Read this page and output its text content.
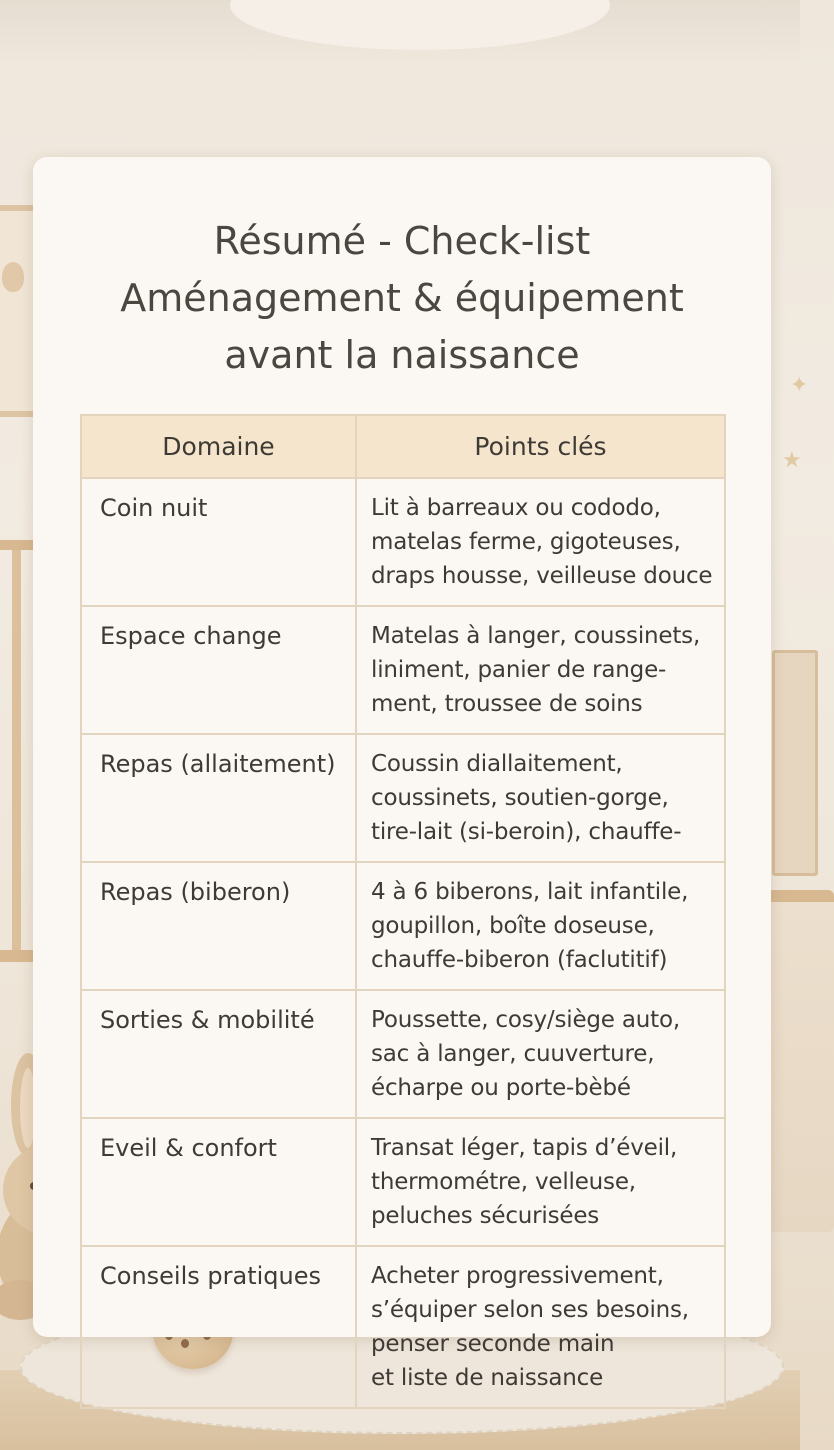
✦
★
Résumé - Check-list
Aménagement & équipement
avant la naissance
Domaine	Points clés
Coin nuit	Lit à barreaux ou cododo,
matelas ferme, gigoteuses,
draps housse, veilleuse douce

Espace change	Matelas à langer, coussinets,
liniment, panier de range-
ment, troussee de soins

Repas (allaitement)	Coussin diallaitement,
coussinets, soutien-gorge,
tire-lait (si-beroin), chauffe-

Repas (biberon)	4 à 6 biberons, lait infantile,
goupillon, boîte doseuse,
chauffe-biberon (faclutitif)

Sorties & mobilité	Poussette, cosy/siège auto,
sac à langer, cuuverture,
écharpe ou porte-bèbé

Eveil & confort	Transat léger, tapis d’éveil,
thermométre, velleuse,
peluches sécurisées

Conseils pratiques	Acheter progressivement,
s’équiper selon ses besoins,
penser seconde main
et liste de naissance
